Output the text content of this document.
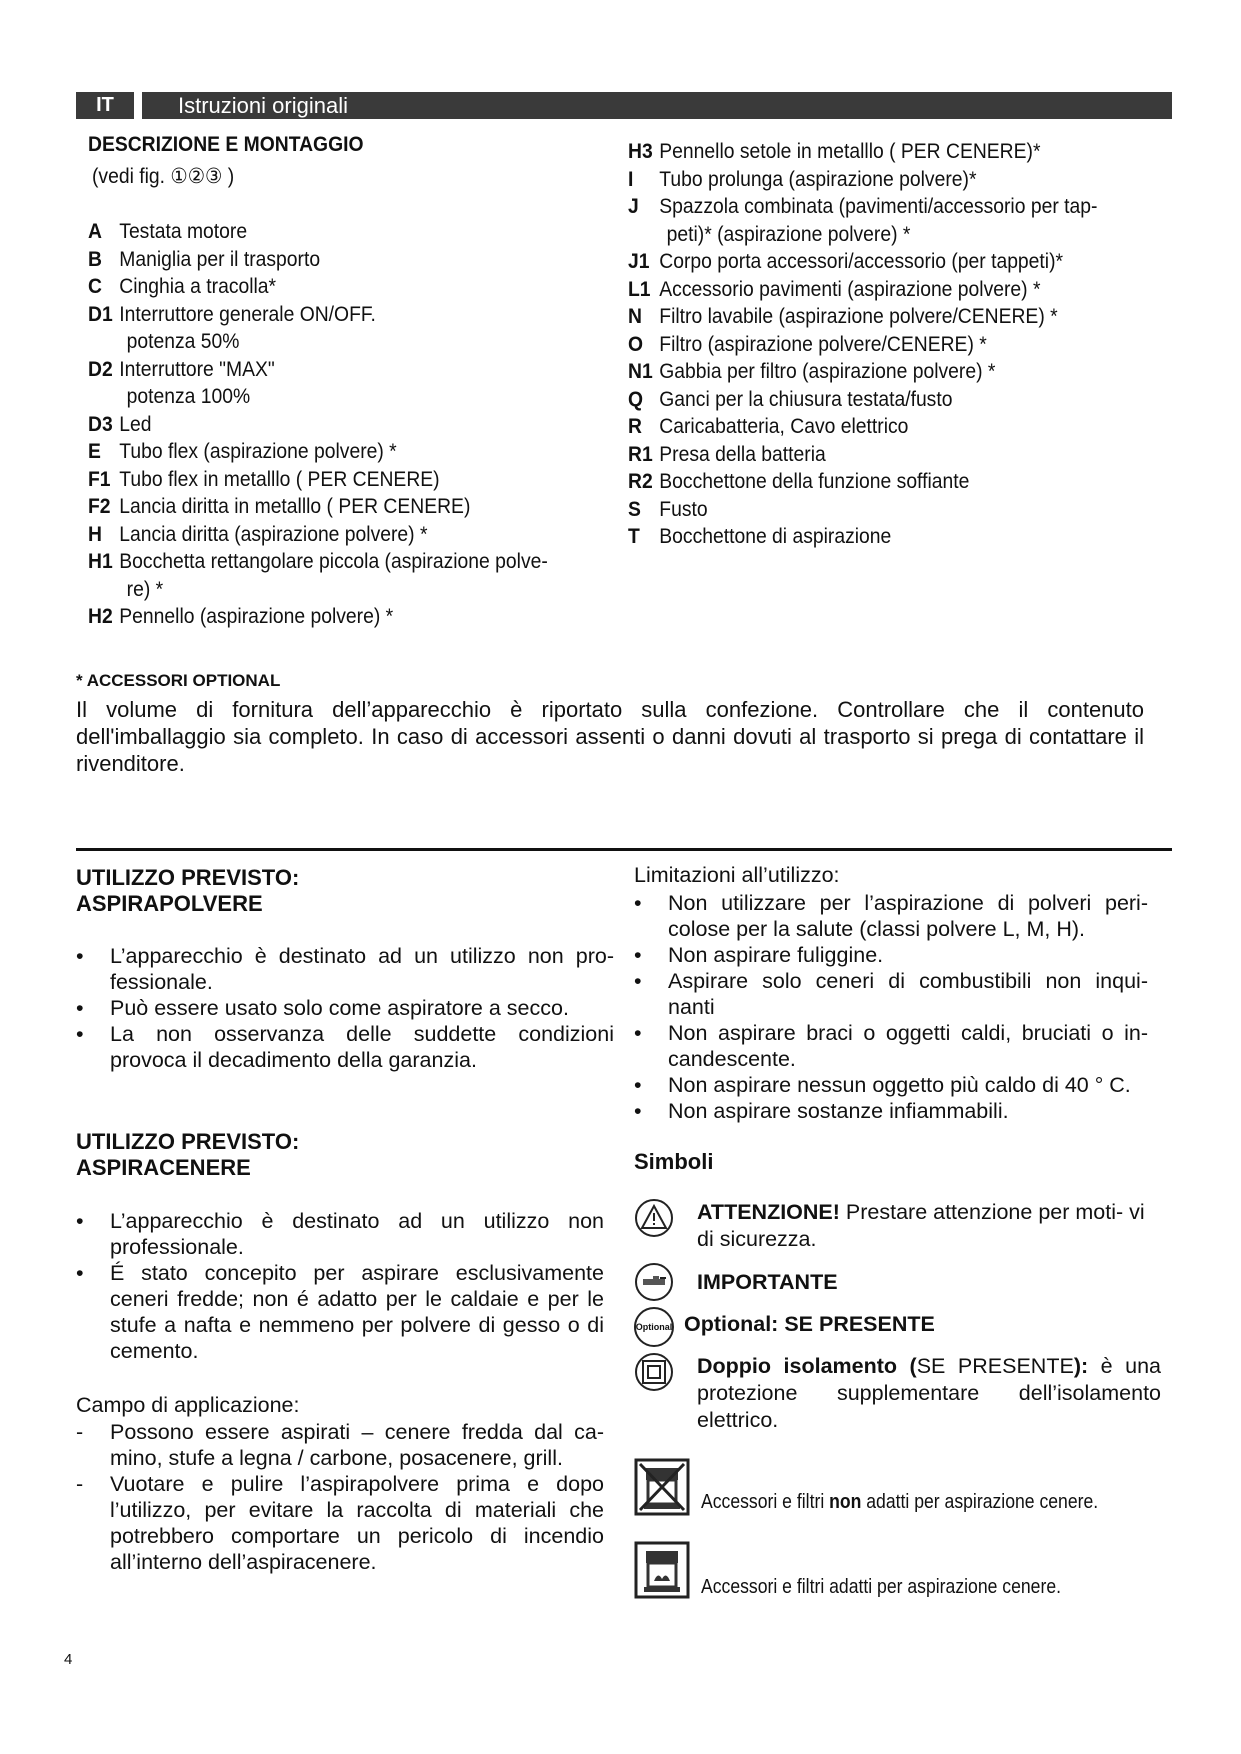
IT	Istruzioni originali
DESCRIZIONE E MONTAGGIO
(vedi fig. ①②③ )
A Testata motore
B Maniglia per il trasporto
C Cinghia a tracolla*
D1 Interruttore generale ON/OFF.
potenza 50%
D2 Interruttore "MAX"
potenza 100%
D3 Led
E Tubo flex (aspirazione polvere) *
F1 Tubo flex in metalllo ( PER CENERE)
F2 Lancia diritta in metalllo ( PER CENERE)
H Lancia diritta (aspirazione polvere) *
H1 Bocchetta rettangolare piccola (aspirazione polve-
re) *
H2 Pennello (aspirazione polvere) *
H3 Pennello setole in metalllo ( PER CENERE)*
I Tubo prolunga (aspirazione polvere)*
J Spazzola combinata (pavimenti/accessorio per tap-
peti)* (aspirazione polvere) *
J1 Corpo porta accessori/accessorio (per tappeti)*
L1 Accessorio pavimenti (aspirazione polvere) *
N Filtro lavabile (aspirazione polvere/CENERE) *
O Filtro (aspirazione polvere/CENERE) *
N1 Gabbia per filtro (aspirazione polvere) *
Q Ganci per la chiusura testata/fusto
R Caricabatteria, Cavo elettrico
R1 Presa della batteria
R2 Bocchettone della funzione soffiante
S Fusto
T Bocchettone di aspirazione
* ACCESSORI OPTIONAL
Il volume di fornitura dell’apparecchio è riportato sulla confezione. Controllare che il contenuto dell'imballaggio sia completo. In caso di accessori assenti o danni dovuti al trasporto si prega di contattare il rivenditore.
UTILIZZO PREVISTO:
ASPIRAPOLVERE
• L’apparecchio è destinato ad un utilizzo non pro- fessionale.
• Può essere usato solo come aspiratore a secco.
• La non osservanza delle suddette condizioni provoca il decadimento della garanzia.
UTILIZZO PREVISTO:
ASPIRACENERE
• L’apparecchio è destinato ad un utilizzo non professionale.
• É stato concepito per aspirare esclusivamente ceneri fredde; non é adatto per le caldaie e per le stufe a nafta e nemmeno per polvere di gesso o di cemento.
Campo di applicazione:
- Possono essere aspirati – cenere fredda dal ca- mino, stufe a legna / carbone, posacenere, grill.
- Vuotare e pulire l’aspirapolvere prima e dopo l’utilizzo, per evitare la raccolta di materiali che potrebbero comportare un pericolo di incendio all’interno dell’aspiracenere.
Limitazioni all’utilizzo:
• Non utilizzare per l’aspirazione di polveri peri- colose per la salute (classi polvere L, M, H).
• Non aspirare fuliggine.
• Aspirare solo ceneri di combustibili non inqui- nanti
• Non aspirare braci o oggetti caldi, bruciati o in- candescente.
• Non aspirare nessun oggetto più caldo di 40 ° C.
• Non aspirare sostanze infiammabili.
Simboli
ATTENZIONE! Prestare attenzione per moti- vi di sicurezza.
IMPORTANTE
Optional Optional: SE PRESENTE
Doppio isolamento (SE PRESENTE): è una protezione supplementare dell’isolamento elettrico.
Accessori e filtri non adatti per aspirazione cenere.
Accessori e filtri adatti per aspirazione cenere.
4
